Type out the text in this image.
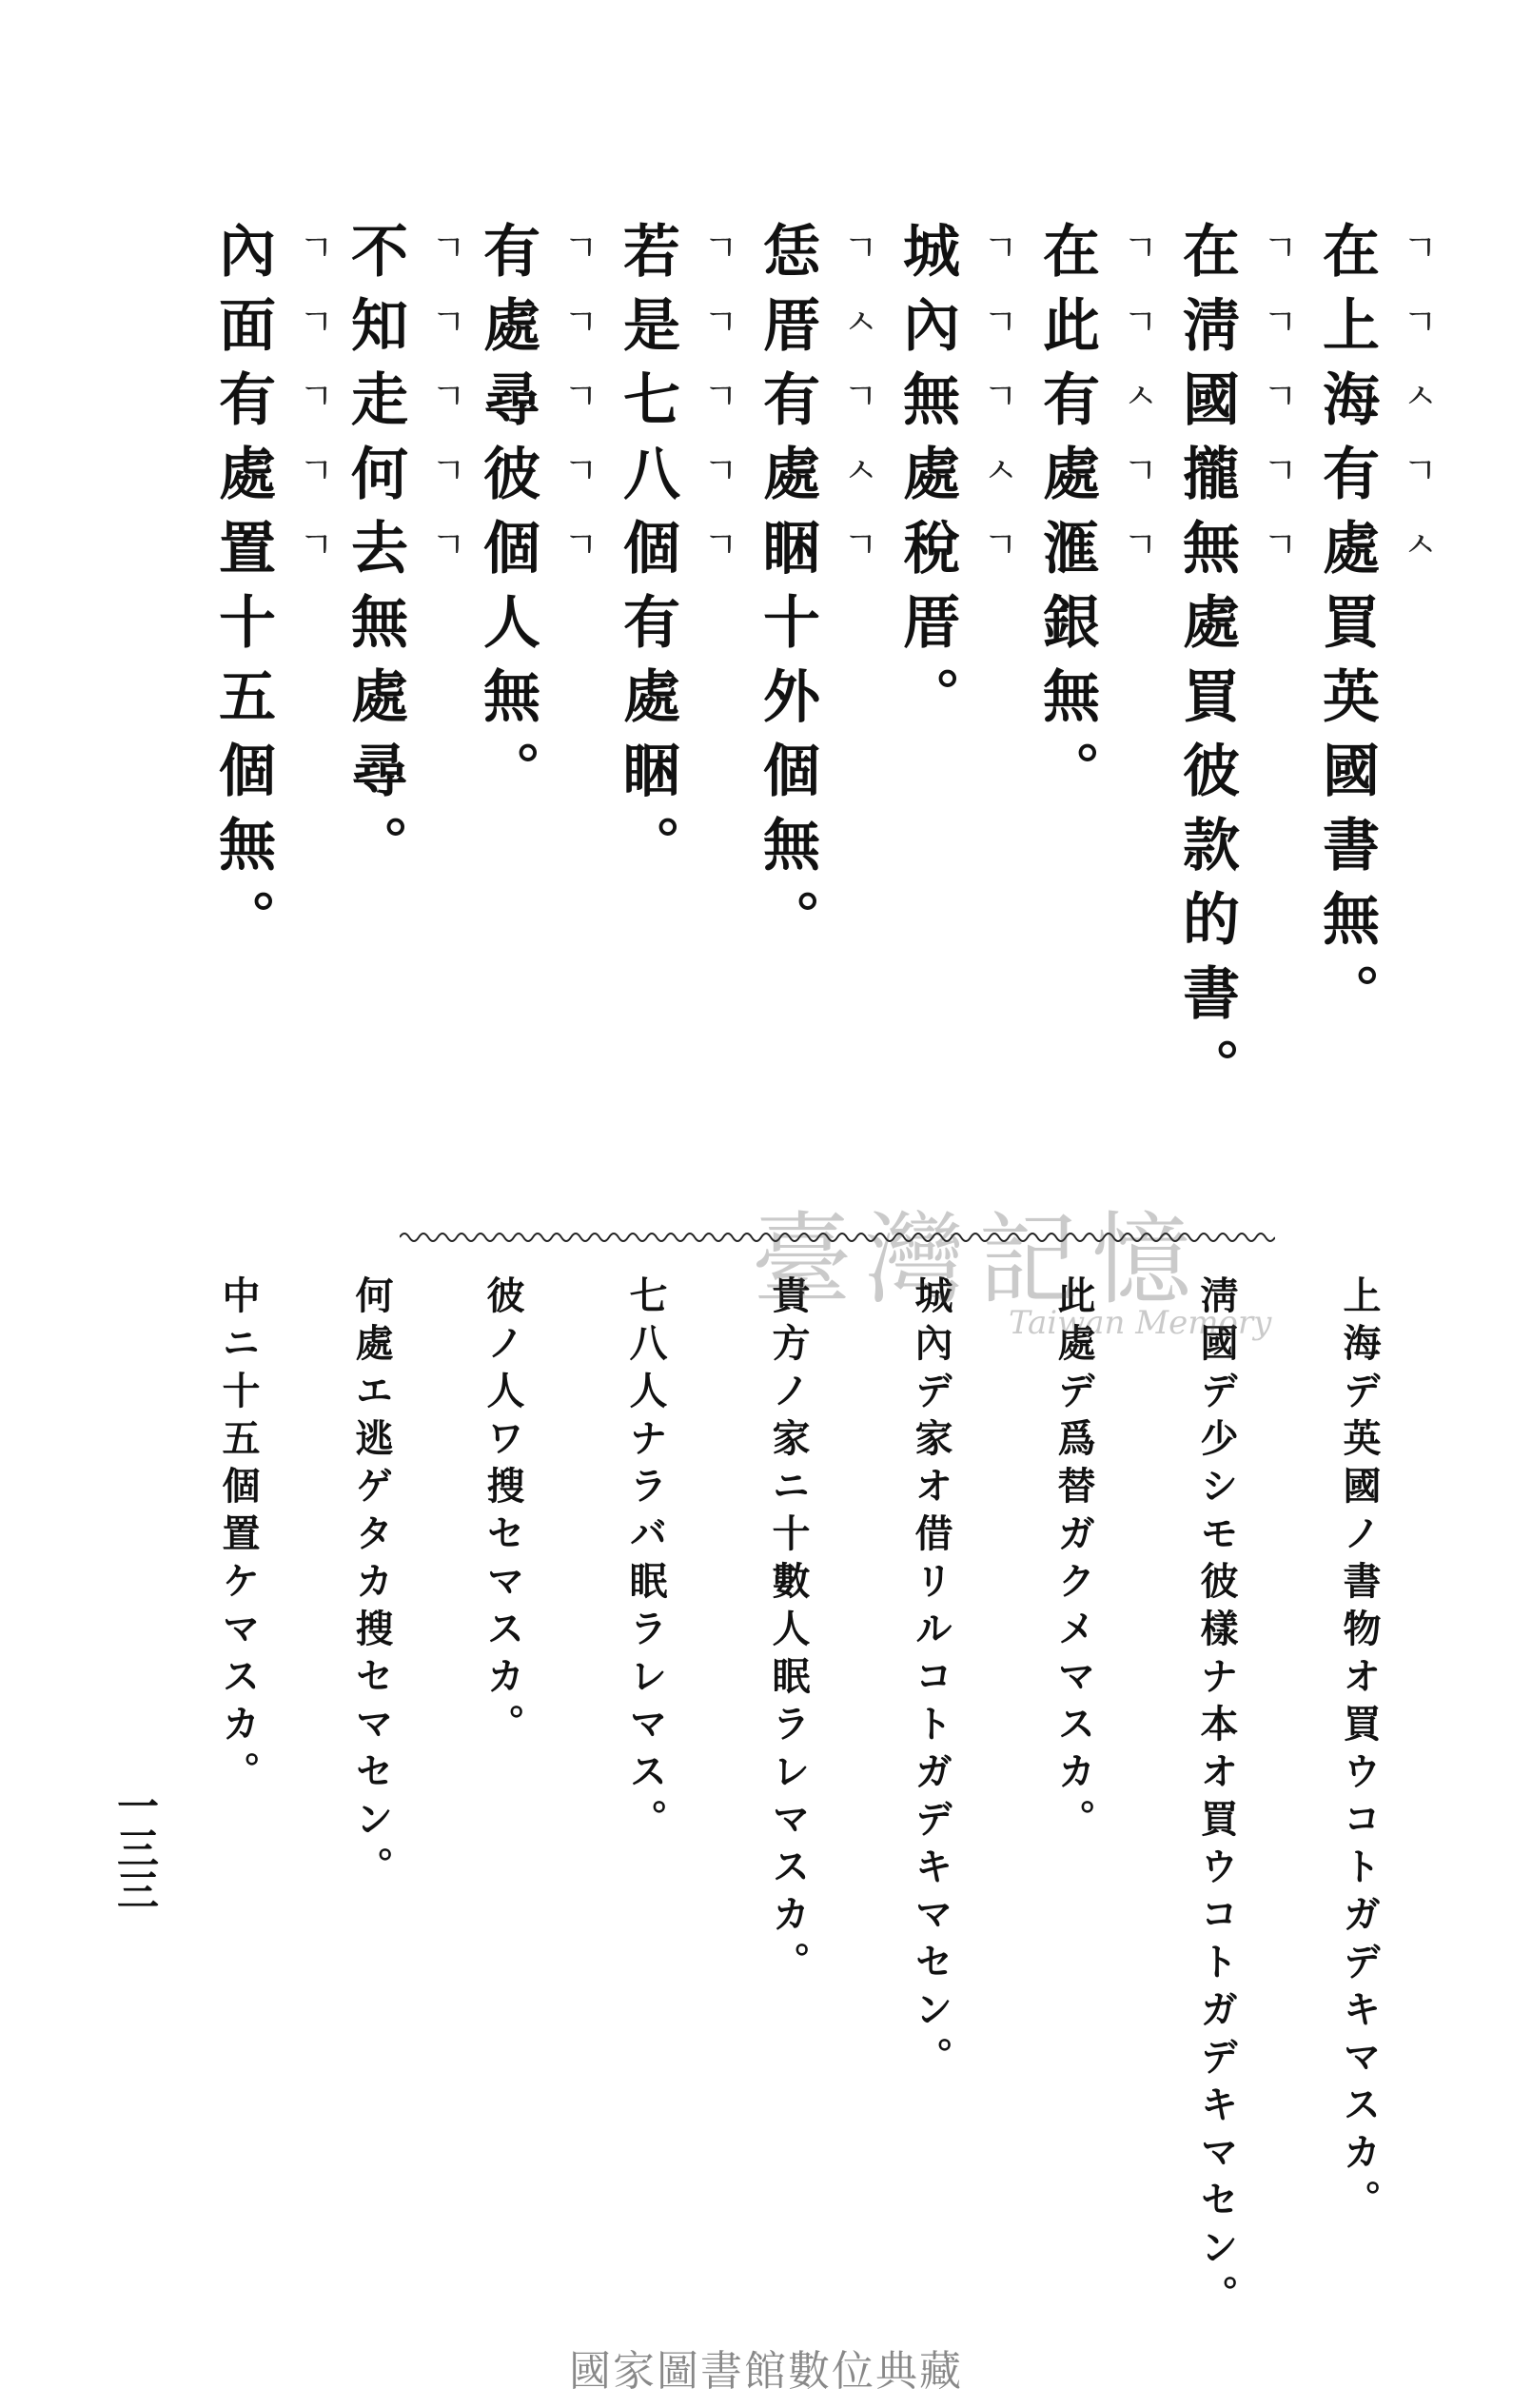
在上海有處買英國書無。
在淸國攏無處買彼款的書。
在此有處滙銀無。
城內無處稅厝。
恁厝有處睏十外個無。
若是七八個有處睏。
有處尋彼個人無。
不知走何去無處尋。
內面有處置十五個無。	ㄱㄱㅅㄱㅅ
ㄱㄱㄱㄱㄱ
ㄱㄱㅅㄱㄱ
ㄱㄱㄱㅅㄱ
ㄱㅅㄱㅅㄱ
ㄱㄱㄱㄱㄱ
ㄱㄱㄱㄱㄱ
ㄱㄱㄱㄱㄱ
ㄱㄱㄱㄱㄱ
上海デ英國ノ書物オ買ウコトガデキマスカ。
淸國デ少シモ彼樣ナ本オ買ウコトガデキマセン。
此處デ爲替ガクメマスカ。
城內デ家オ借リルコトガデキマセン。
貴方ノ家ニ十數人眠ラレマスカ。
七八人ナラバ眠ラレマス。
彼ノ人ワ搜セマスカ。
何處エ逃ゲタカ搜セマセン。
中ニ十五個置ケマスカ。
臺灣記憶
Taiwan Memory
一三三
國家圖書館數位典藏
